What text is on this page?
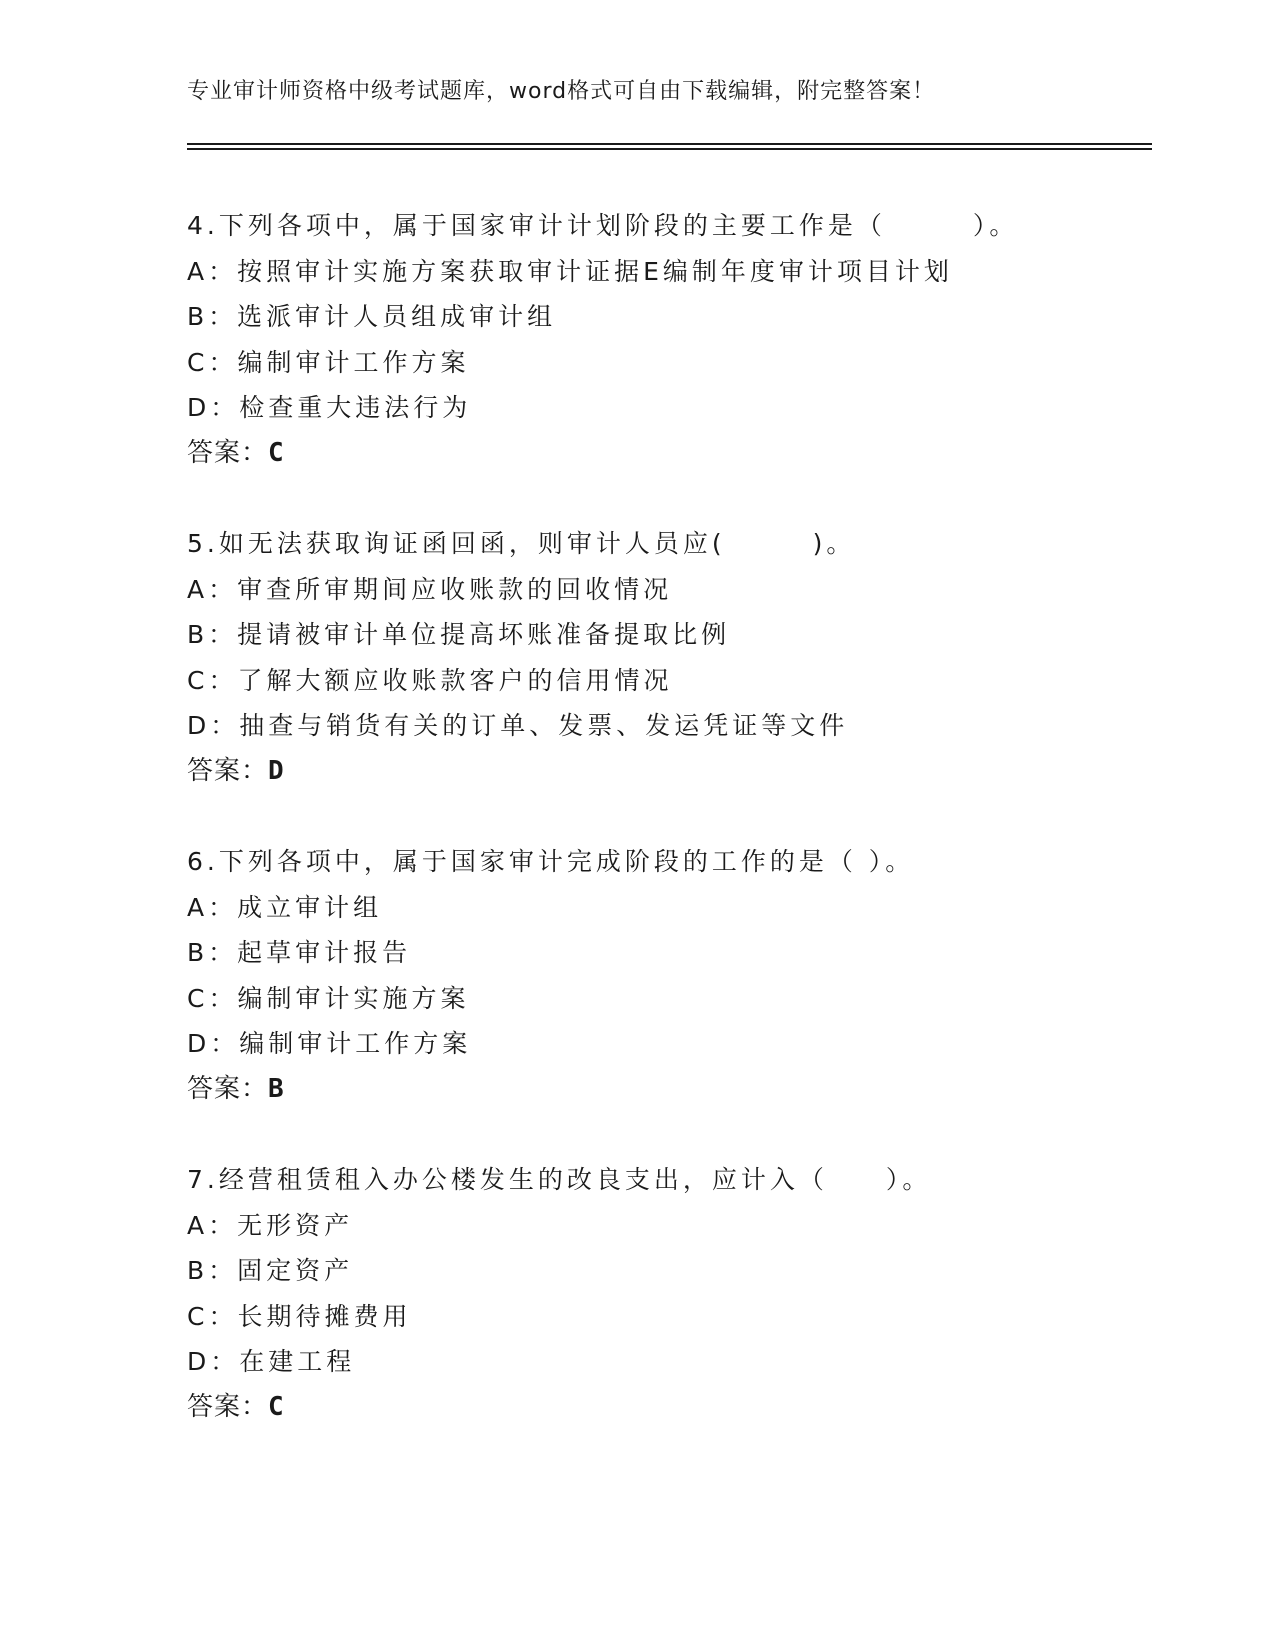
专业审计师资格中级考试题库，word格式可自由下载编辑，附完整答案！
4.下列各项中，属于国家审计计划阶段的主要工作是（　　　）。
A：按照审计实施方案获取审计证据E编制年度审计项目计划
B：选派审计人员组成审计组
C：编制审计工作方案
D：检查重大违法行为
答案：C
5.如无法获取询证函回函，则审计人员应(　　　)。
A：审查所审期间应收账款的回收情况
B：提请被审计单位提高坏账准备提取比例
C：了解大额应收账款客户的信用情况
D：抽查与销货有关的订单、发票、发运凭证等文件
答案：D
6.下列各项中，属于国家审计完成阶段的工作的是（ ）。
A：成立审计组
B：起草审计报告
C：编制审计实施方案
D：编制审计工作方案
答案：B
7.经营租赁租入办公楼发生的改良支出，应计入（　　）。
A：无形资产
B：固定资产
C：长期待摊费用
D：在建工程
答案：C
